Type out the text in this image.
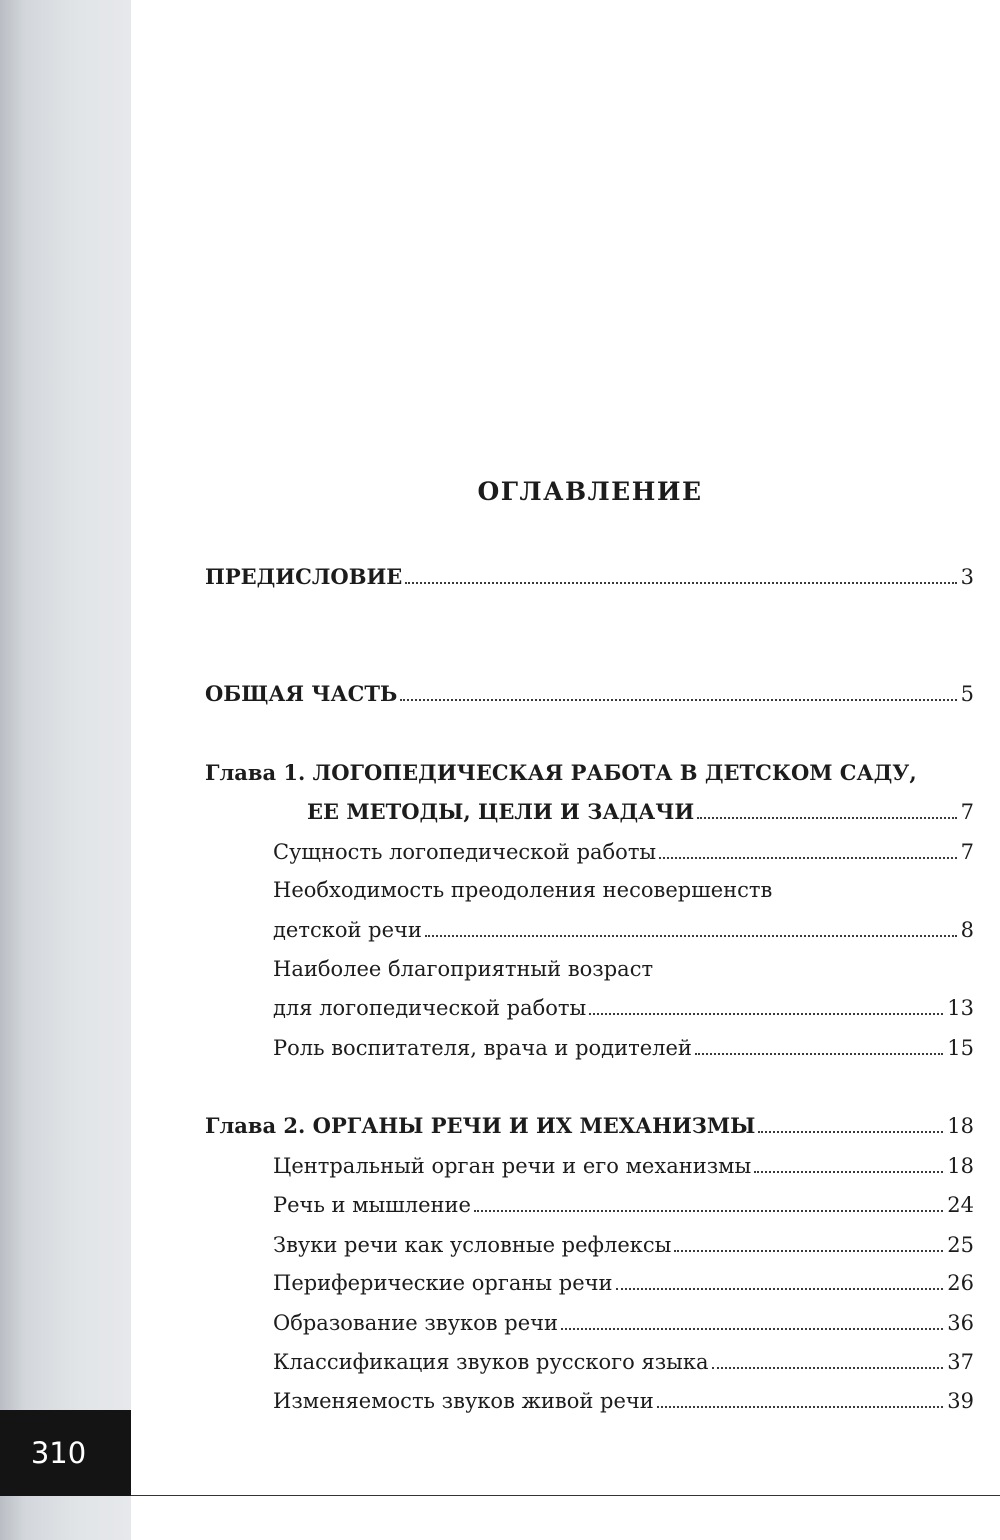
310
ОГЛАВЛЕНИЕ
ПРЕДИСЛОВИЕ	3
ОБЩАЯ ЧАСТЬ	5
Глава 1. ЛОГОПЕДИЧЕСКАЯ РАБОТА В ДЕТСКОМ САДУ,
ЕЕ МЕТОДЫ, ЦЕЛИ И ЗАДАЧИ	7
Сущность логопедической работы	7
Необходимость преодоления несовершенств
детской речи	8
Наиболее благоприятный возраст
для логопедической работы	13
Роль воспитателя, врача и родителей	15
Глава 2. ОРГАНЫ РЕЧИ И ИХ МЕХАНИЗМЫ	18
Центральный орган речи и его механизмы	18
Речь и мышление	24
Звуки речи как условные рефлексы	25
Периферические органы речи	26
Образование звуков речи	36
Классификация звуков русского языка	37
Изменяемость звуков живой речи	39
